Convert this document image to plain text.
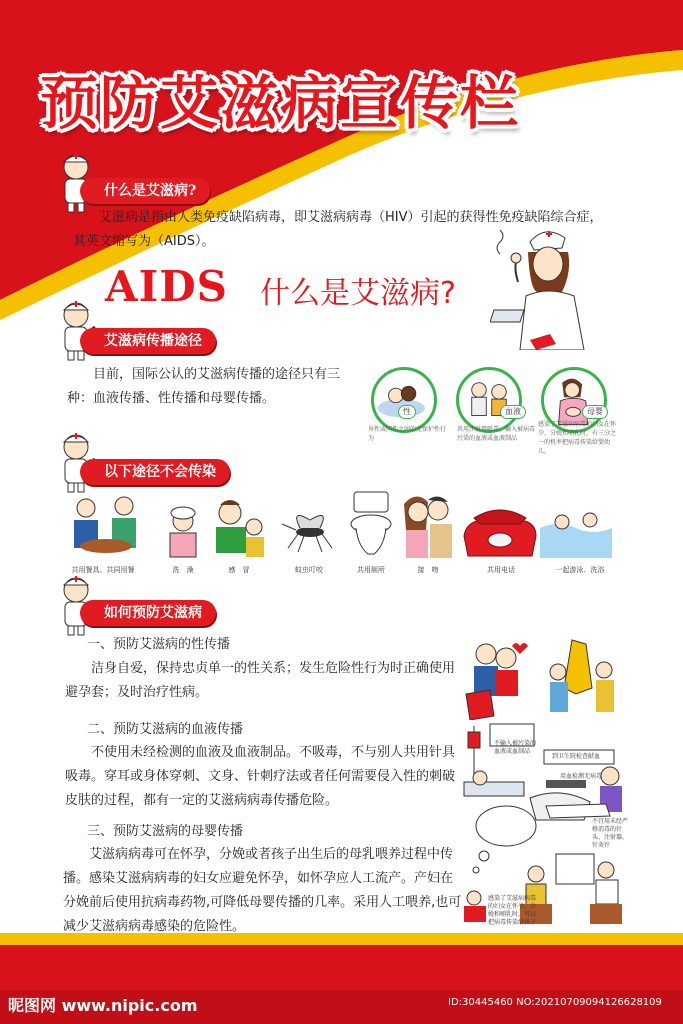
预防艾滋病宣传栏
什么是艾滋病?
艾滋病是指由人类免疫缺陷病毒，即艾滋病病毒（HIV）引起的获得性免疫缺陷综合症，其英文缩写为（AIDS）。
AIDS 什么是艾滋病?
艾滋病传播途径
目前，国际公认的艾滋病传播的途径只有三种：血液传播、性传播和母婴传播。
性
异性或同性之间的无保护性行为
血液
共用注射器吸毒，输入被病毒污染的血液或血液制品
母婴
感染了艾滋病病毒的妇女在怀孕、分娩和哺乳时，有三分之一的机率把病毒传染给婴幼儿。
以下途径不会传染
共用餐具、共同用餐	洗　澡	感　冒	蚊虫叮咬	共用厕所	接　吻	共用电话	一起游泳、洗浴
如何预防艾滋病
一、预防艾滋病的性传播
洁身自爱，保持忠贞单一的性关系；发生危险性行为时正确使用避孕套；及时治疗性病。
二、预防艾滋病的血液传播
不使用未经检测的血液及血液制品。不吸毒，不与别人共用针具吸毒。穿耳或身体穿刺、文身、针刺疗法或者任何需要侵入性的刺破皮肤的过程，都有一定的艾滋病病毒传播危险。
不输入被污染的血液或血制品
到卫生院检查献血
用血检测无病毒
三、预防艾滋病的母婴传播
艾滋病病毒可在怀孕，分娩或者孩子出生后的母乳喂养过程中传播。感染艾滋病病毒的妇女应避免怀孕，如怀孕应人工流产。产妇在分娩前后使用抗病毒药物,可降低母婴传播的几率。采用人工喂养,也可减少艾滋病病毒感染的危险性。
不宜用未经严格消毒的针头、注射器，针灸针
感染了艾滋病病毒的妇女在怀孕、分娩和哺乳时，可以把病毒传染给孩子
昵图网 www.nipic.com	ID:30445460 NO:20210709094126628109
